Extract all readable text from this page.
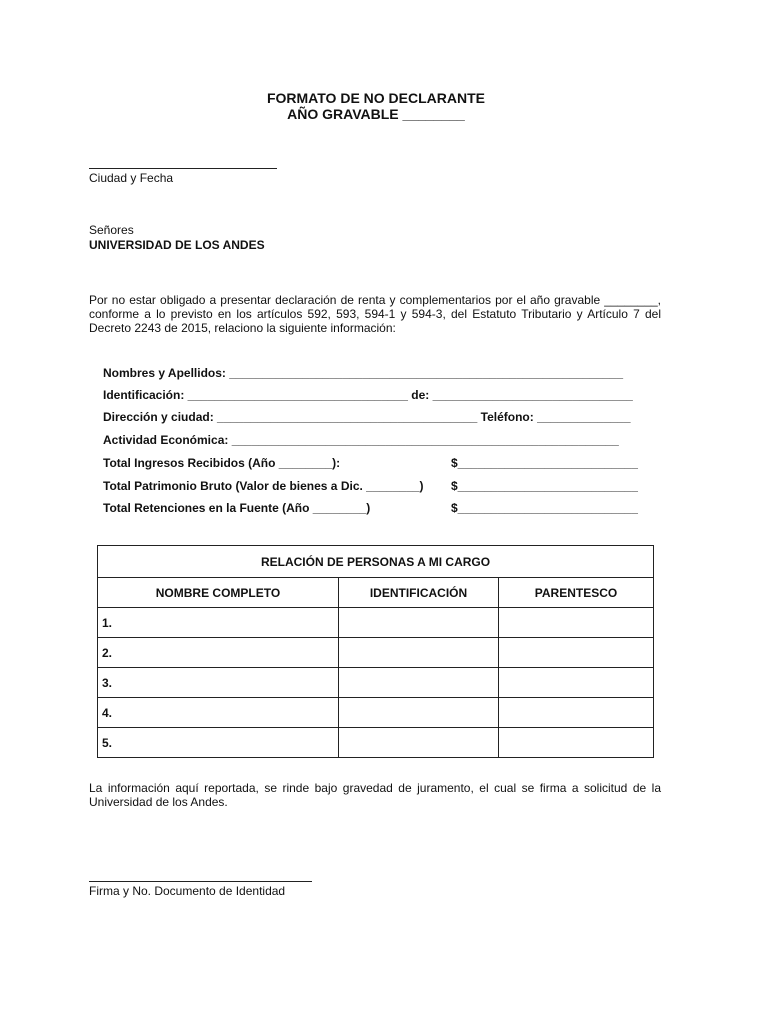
FORMATO DE NO DECLARANTE
AÑO GRAVABLE ________
Ciudad y Fecha
Señores
UNIVERSIDAD DE LOS ANDES
Por no estar obligado a presentar declaración de renta y complementarios por el año gravable ________, conforme a lo previsto en los artículos 592, 593, 594-1 y 594-3, del Estatuto Tributario y Artículo 7 del Decreto 2243 de 2015, relaciono la siguiente información:
Nombres y Apellidos: ___________________________________________________________
Identificación: _________________________________ de: ______________________________
Dirección y ciudad: _______________________________________ Teléfono: ______________
Actividad Económica: __________________________________________________________
Total Ingresos Recibidos (Año ________):	$___________________________
Total Patrimonio Bruto (Valor de bienes a Dic. ________)	$___________________________
Total Retenciones en la Fuente (Año ________)	$___________________________
RELACIÓN DE PERSONAS A MI CARGO		
NOMBRE COMPLETO	IDENTIFICACIÓN	PARENTESCO
1.		
2.		
3.		
4.		
5.		
La información aquí reportada, se rinde bajo gravedad de juramento, el cual se firma a solicitud de la Universidad de los Andes.
Firma y No. Documento de Identidad
